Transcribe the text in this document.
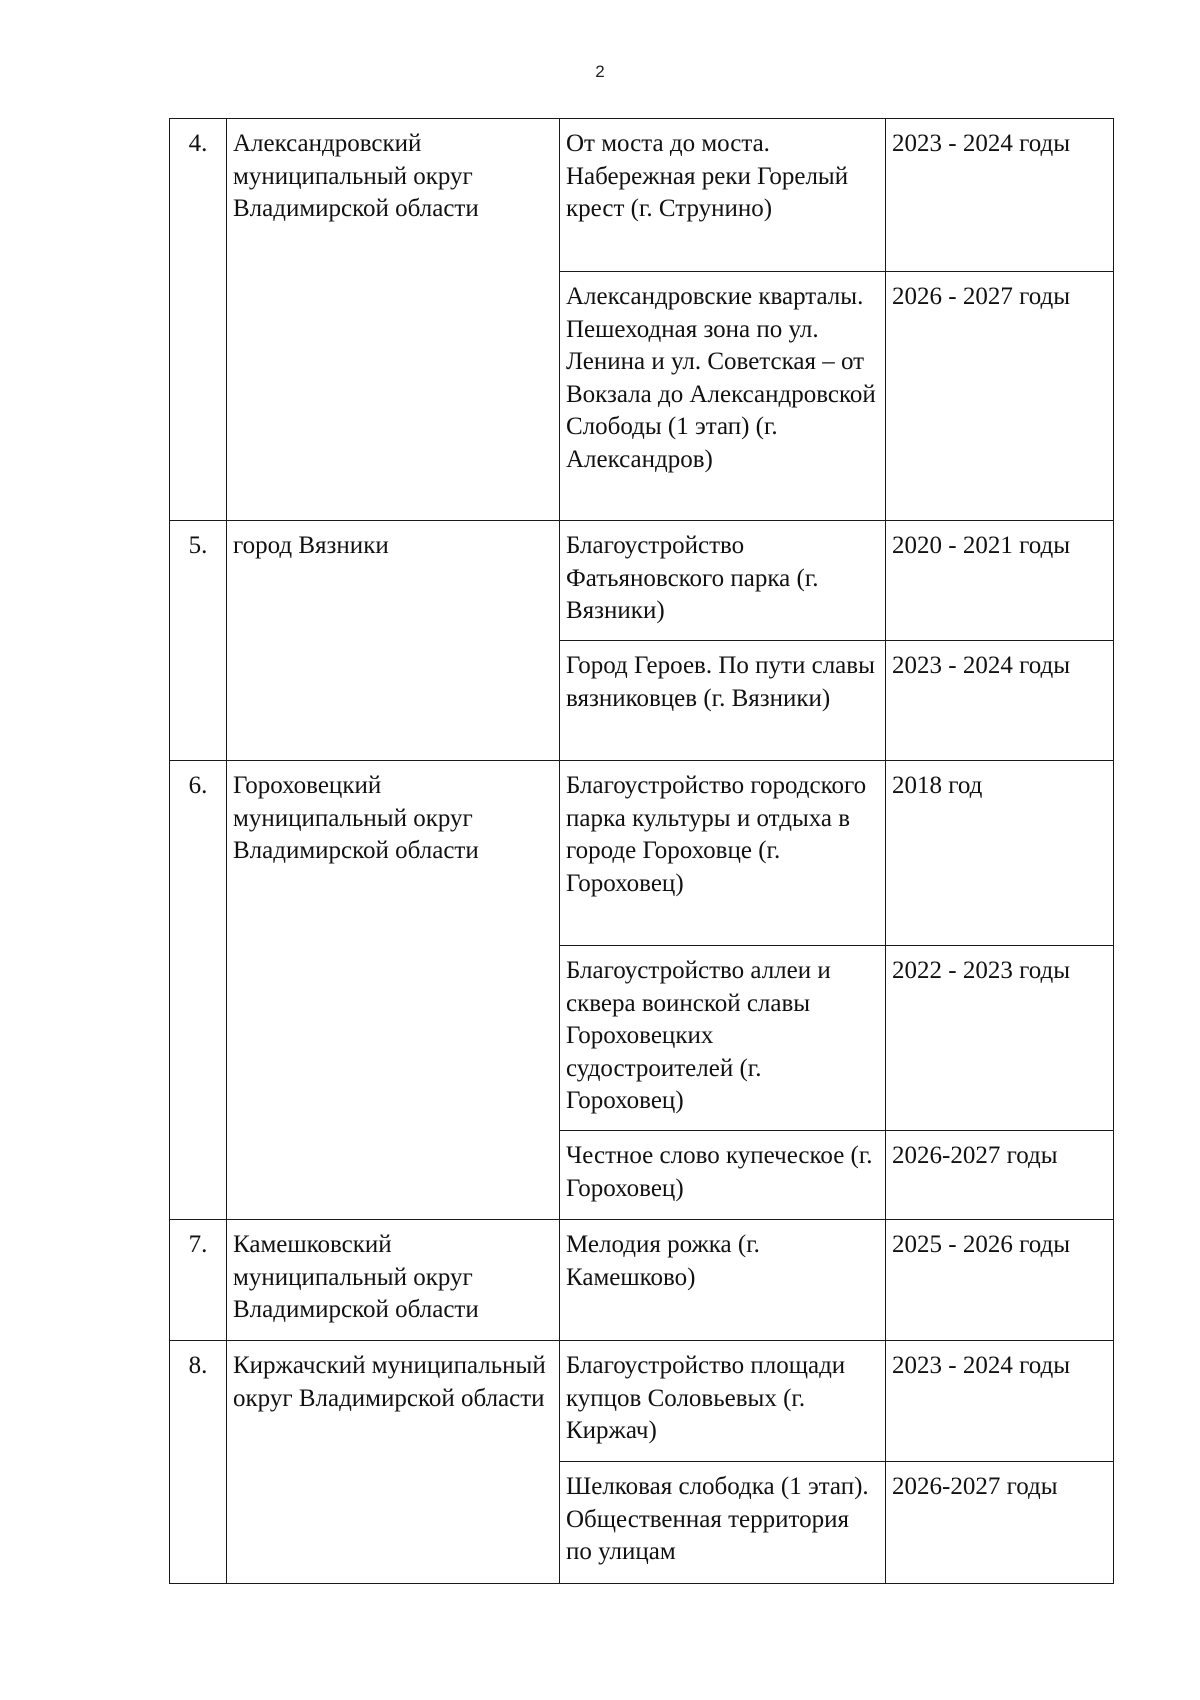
2
4.	Александровский муниципальный округ Владимирской области	От моста до моста. Набережная реки Горелый крест (г. Струнино)	2023 - 2024 годы
		Александровские кварталы. Пешеходная зона по ул. Ленина и ул. Советская – от Вокзала до Александровской Слободы (1 этап) (г. Александров)	2026 - 2027 годы
5.	город Вязники	Благоустройство Фатьяновского парка (г. Вязники)	2020 - 2021 годы
		Город Героев. По пути славы вязниковцев (г. Вязники)	2023 - 2024 годы
6.	Гороховецкий муниципальный округ Владимирской области	Благоустройство городского парка культуры и отдыха в городе Гороховце (г. Гороховец)	2018 год
		Благоустройство аллеи и сквера воинской славы Гороховецких судостроителей (г. Гороховец)	2022 - 2023 годы
		Честное слово купеческое (г. Гороховец)	2026-2027 годы
7.	Камешковский муниципальный округ Владимирской области	Мелодия рожка (г. Камешково)	2025 - 2026 годы
8.	Киржачский муниципальный округ Владимирской области	Благоустройство площади купцов Соловьевых (г. Киржач)	2023 - 2024 годы
		Шелковая слободка (1 этап). Общественная территория по улицам	2026-2027 годы
